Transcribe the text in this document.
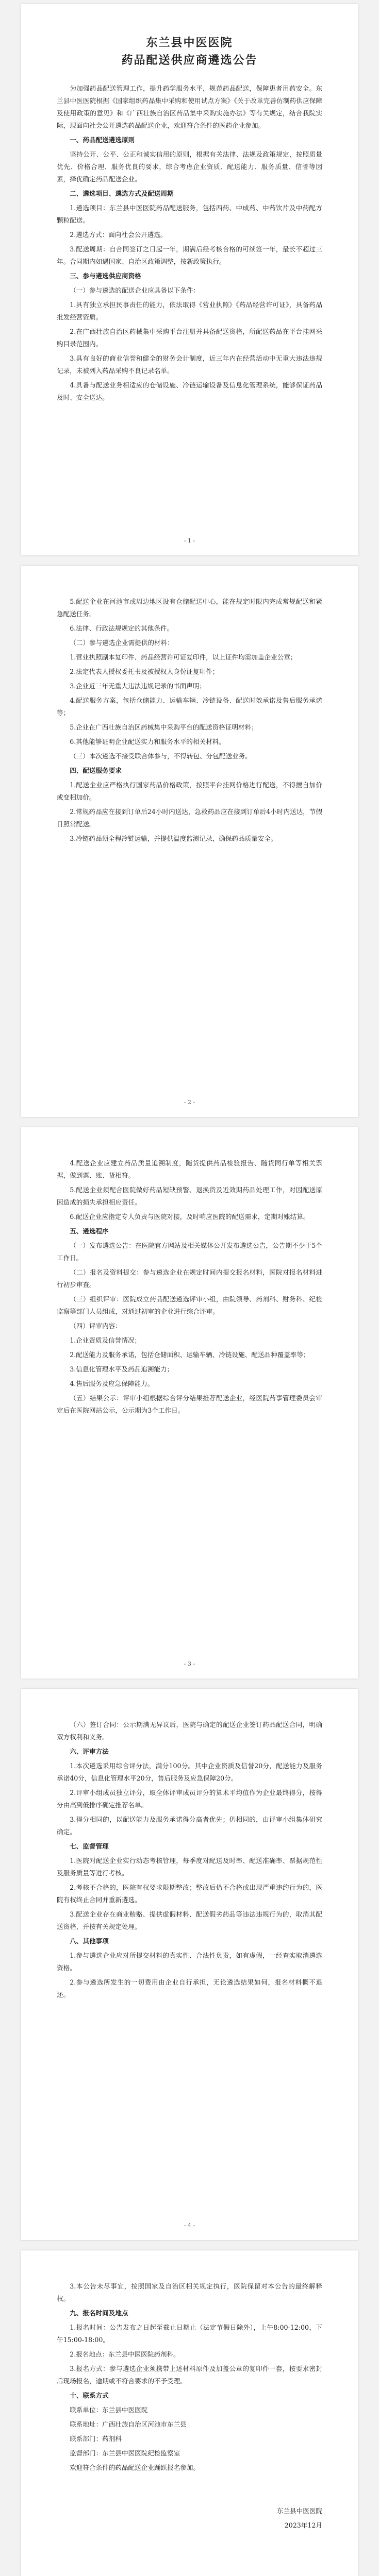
东兰县中医医院
药品配送供应商遴选公告

为加强药品配送管理工作，提升药学服务水平，规范药品配送，保障患者用药安全。东兰县中医医院根据《国家组织药品集中采购和使用试点方案》《关于改革完善仿制药供应保障及使用政策的意见》和《广西壮族自治区药品集中采购实施办法》等有关规定，结合我院实际，现面向社会公开遴选药品配送企业，欢迎符合条件的医药企业参加。

一、药品配送遴选原则

坚持公开、公平、公正和诚实信用的原则，根据有关法律、法规及政策规定，按照质量优先、价格合理、服务优良的要求，综合考虑企业资质、配送能力、服务质量、信誉等因素，择优确定药品配送企业。

二、遴选项目、遴选方式及配送周期

1.遴选项目：东兰县中医医院药品配送服务，包括西药、中成药、中药饮片及中药配方颗粒配送。

2.遴选方式：面向社会公开遴选。

3.配送周期：自合同签订之日起一年，期满后经考核合格的可续签一年，最长不超过三年。合同期内如遇国家、自治区政策调整，按新政策执行。

三、参与遴选供应商资格

（一）参与遴选的配送企业应具备以下条件：

1.具有独立承担民事责任的能力，依法取得《营业执照》《药品经营许可证》，具备药品批发经营资质。

2.在广西壮族自治区药械集中采购平台注册并具备配送资格，所配送药品在平台挂网采购目录范围内。

3.具有良好的商业信誉和健全的财务会计制度，近三年内在经营活动中无重大违法违规记录，未被列入药品采购不良记录名单。

4.具备与配送业务相适应的仓储设施、冷链运输设备及信息化管理系统，能够保证药品及时、安全送达。

- 1 -

5.配送企业在河池市或周边地区设有仓储配送中心，能在规定时限内完成常规配送和紧急配送任务。

6.法律、行政法规规定的其他条件。

（二）参与遴选企业需提供的材料：

1.营业执照副本复印件、药品经营许可证复印件，以上证件均需加盖企业公章；

2.法定代表人授权委托书及被授权人身份证复印件；

3.企业近三年无重大违法违规记录的书面声明；

4.配送服务方案，包括仓储能力、运输车辆、冷链设备、配送时效承诺及售后服务承诺等；

5.企业在广西壮族自治区药械集中采购平台的配送资格证明材料；

6.其他能够证明企业配送实力和服务水平的相关材料。

（三）本次遴选不接受联合体参与，不得转包、分包配送业务。

四、配送服务要求

1.配送企业应严格执行国家药品价格政策，按照平台挂网价格进行配送，不得擅自加价或变相加价。

2.常规药品应在接到订单后24小时内送达，急救药品应在接到订单后4小时内送达，节假日照常配送。

3.冷链药品须全程冷链运输，并提供温度监测记录，确保药品质量安全。

- 2 -

4.配送企业应建立药品质量追溯制度，随货提供药品检验报告、随货同行单等相关票据，做到票、账、货相符。

5.配送企业须配合医院做好药品短缺预警、退换货及近效期药品处理工作，对因配送原因造成的损失承担相应责任。

6.配送企业应指定专人负责与医院对接，及时响应医院的配送需求，定期对账结算。

五、遴选程序

（一）发布遴选公告：在医院官方网站及相关媒体公开发布遴选公告，公告期不少于5个工作日。

（二）报名及资料提交：参与遴选企业在规定时间内提交报名材料，医院对报名材料进行初步审查。

（三）组织评审：医院成立药品配送遴选评审小组，由院领导、药剂科、财务科、纪检监察等部门人员组成，对通过初审的企业进行综合评审。

（四）评审内容：

1.企业资质及信誉情况；

2.配送能力及服务承诺，包括仓储面积、运输车辆、冷链设施、配送品种覆盖率等；

3.信息化管理水平及药品追溯能力；

4.售后服务及应急保障能力。

（五）结果公示：评审小组根据综合评分结果推荐配送企业，经医院药事管理委员会审定后在医院网站公示，公示期为3个工作日。

- 3 -

（六）签订合同：公示期满无异议后，医院与确定的配送企业签订药品配送合同，明确双方权利和义务。

六、评审方法

1.本次遴选采用综合评分法，满分100分。其中企业资质及信誉20分，配送能力及服务承诺40分，信息化管理水平20分，售后服务及应急保障20分。

2.评审小组成员独立评分，取全体评审成员评分的算术平均值作为企业最终得分，按得分由高到低排序确定推荐名单。

3.得分相同的，以配送能力及服务承诺得分高者优先；仍相同的，由评审小组集体研究确定。

七、监督管理

1.医院对配送企业实行动态考核管理，每季度对配送及时率、配送准确率、票据规范性及服务质量等进行考核。

2.考核不合格的，医院有权要求限期整改；整改后仍不合格或出现严重违约行为的，医院有权终止合同并重新遴选。

3.配送企业存在商业贿赂、提供虚假材料、配送假劣药品等违法违规行为的，取消其配送资格，并按有关规定处理。

八、其他事项

1.参与遴选企业应对所提交材料的真实性、合法性负责，如有虚假，一经查实取消遴选资格。

2.参与遴选所发生的一切费用由企业自行承担，无论遴选结果如何，报名材料概不退还。

- 4 -

3.本公告未尽事宜，按照国家及自治区相关规定执行，医院保留对本公告的最终解释权。

九、报名时间及地点

1.报名时间：公告发布之日起至截止日期止（法定节假日除外），上午8:00-12:00，下午15:00-18:00。

2.报名地点：东兰县中医医院药剂科。

3.报名方式：参与遴选企业须携带上述材料原件及加盖公章的复印件一套，按要求密封后现场报名，逾期或不符合要求的不予受理。

十、联系方式

联系单位：东兰县中医医院

联系地址：广西壮族自治区河池市东兰县

联系部门：药剂科

监督部门：东兰县中医医院纪检监察室

欢迎符合条件的药品配送企业踊跃报名参加。

东兰县中医医院

2023年12月
